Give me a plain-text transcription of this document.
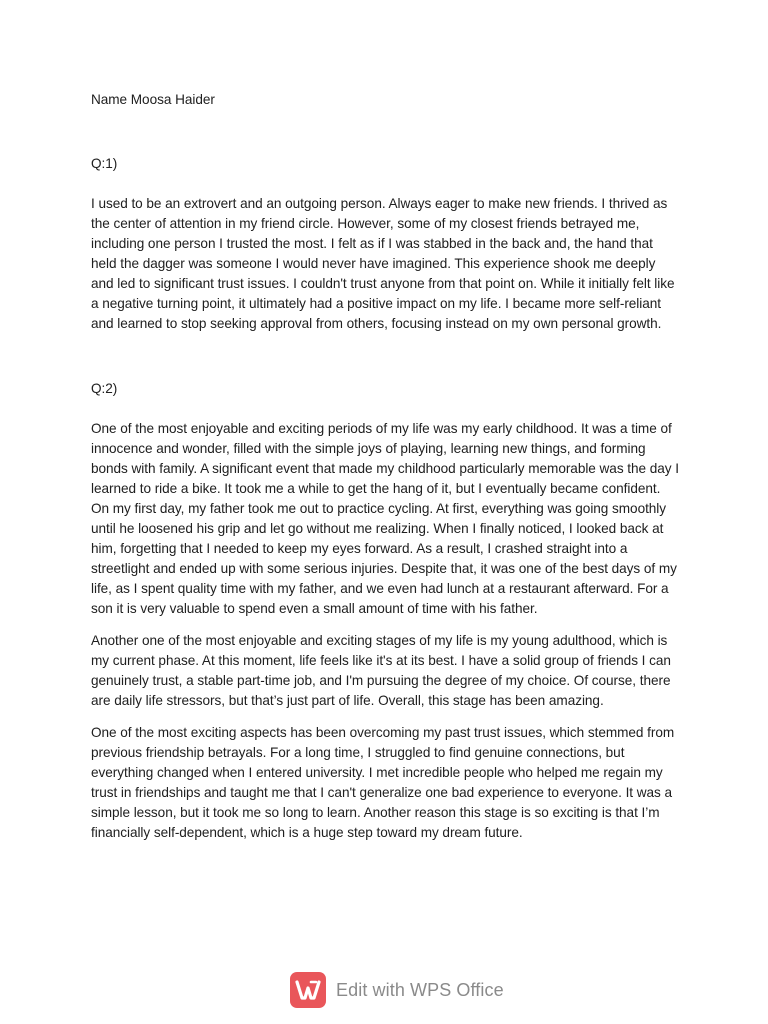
Name Moosa Haider

Q:1)

I used to be an extrovert and an outgoing person. Always eager to make new friends. I thrived as the center of attention in my friend circle. However, some of my closest friends betrayed me, including one person I trusted the most. I felt as if I was stabbed in the back and, the hand that held the dagger was someone I would never have imagined. This experience shook me deeply and led to significant trust issues. I couldn't trust anyone from that point on. While it initially felt like a negative turning point, it ultimately had a positive impact on my life. I became more self-reliant and learned to stop seeking approval from others, focusing instead on my own personal growth.

Q:2)

One of the most enjoyable and exciting periods of my life was my early childhood. It was a time of innocence and wonder, filled with the simple joys of playing, learning new things, and forming bonds with family. A significant event that made my childhood particularly memorable was the day I learned to ride a bike. It took me a while to get the hang of it, but I eventually became confident. On my first day, my father took me out to practice cycling. At first, everything was going smoothly until he loosened his grip and let go without me realizing. When I finally noticed, I looked back at him, forgetting that I needed to keep my eyes forward. As a result, I crashed straight into a streetlight and ended up with some serious injuries. Despite that, it was one of the best days of my life, as I spent quality time with my father, and we even had lunch at a restaurant afterward. For a son it is very valuable to spend even a small amount of time with his father.

Another one of the most enjoyable and exciting stages of my life is my young adulthood, which is my current phase. At this moment, life feels like it's at its best. I have a solid group of friends I can genuinely trust, a stable part-time job, and I'm pursuing the degree of my choice. Of course, there are daily life stressors, but that’s just part of life. Overall, this stage has been amazing.

One of the most exciting aspects has been overcoming my past trust issues, which stemmed from previous friendship betrayals. For a long time, I struggled to find genuine connections, but everything changed when I entered university. I met incredible people who helped me regain my trust in friendships and taught me that I can't generalize one bad experience to everyone. It was a simple lesson, but it took me so long to learn. Another reason this stage is so exciting is that I’m financially self-dependent, which is a huge step toward my dream future.

Edit with WPS Office
